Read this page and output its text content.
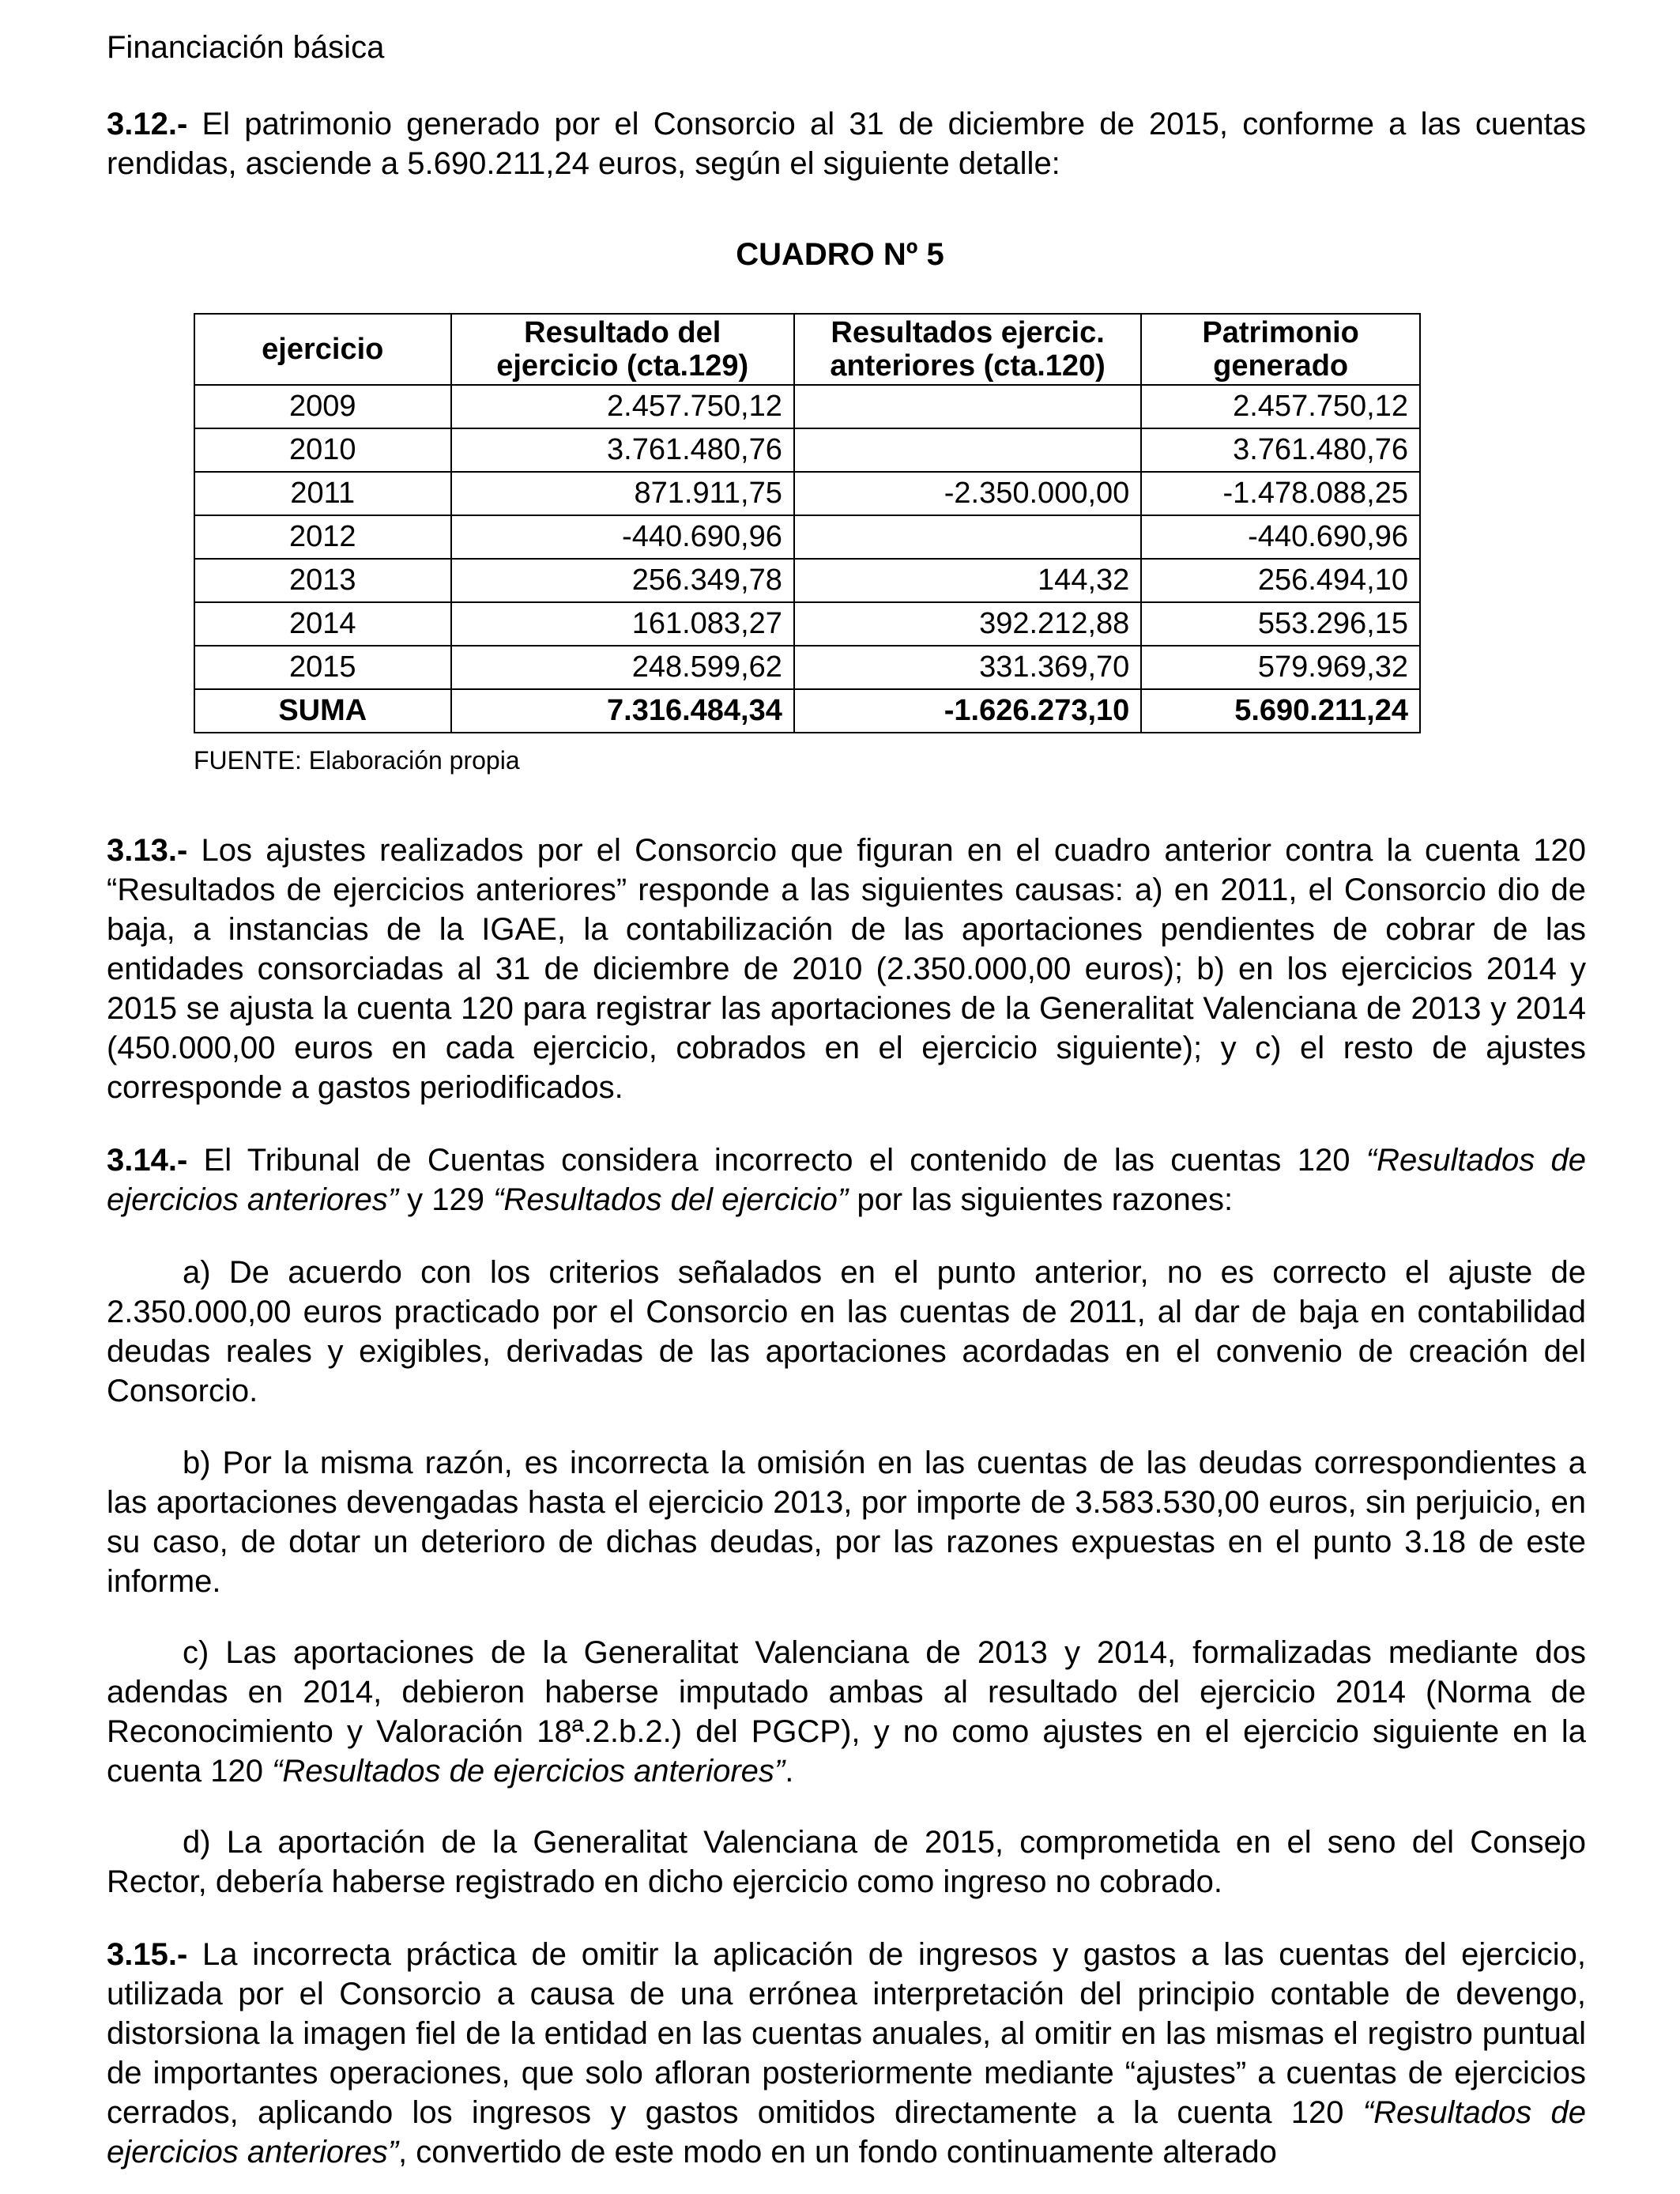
Financiación básica
3.12.- El patrimonio generado por el Consorcio al 31 de diciembre de 2015, conforme a las cuentas rendidas, asciende a 5.690.211,24 euros, según el siguiente detalle:
CUADRO Nº 5
ejercicio	Resultado del ejercicio (cta.129)	Resultados ejercic. anteriores (cta.120)	Patrimonio generado
2009	2.457.750,12		2.457.750,12
2010	3.761.480,76		3.761.480,76
2011	871.911,75	-2.350.000,00	-1.478.088,25
2012	-440.690,96		-440.690,96
2013	256.349,78	144,32	256.494,10
2014	161.083,27	392.212,88	553.296,15
2015	248.599,62	331.369,70	579.969,32
SUMA	7.316.484,34	-1.626.273,10	5.690.211,24
FUENTE: Elaboración propia
3.13.- Los ajustes realizados por el Consorcio que figuran en el cuadro anterior contra la cuenta 120 “Resultados de ejercicios anteriores” responde a las siguientes causas: a) en 2011, el Consorcio dio de baja, a instancias de la IGAE, la contabilización de las aportaciones pendientes de cobrar de las entidades consorciadas al 31 de diciembre de 2010 (2.350.000,00 euros); b) en los ejercicios 2014 y 2015 se ajusta la cuenta 120 para registrar las aportaciones de la Generalitat Valenciana de 2013 y 2014 (450.000,00 euros en cada ejercicio, cobrados en el ejercicio siguiente); y c) el resto de ajustes corresponde a gastos periodificados.
3.14.- El Tribunal de Cuentas considera incorrecto el contenido de las cuentas 120 “Resultados de ejercicios anteriores” y 129 “Resultados del ejercicio” por las siguientes razones:
a) De acuerdo con los criterios señalados en el punto anterior, no es correcto el ajuste de 2.350.000,00 euros practicado por el Consorcio en las cuentas de 2011, al dar de baja en contabilidad deudas reales y exigibles, derivadas de las aportaciones acordadas en el convenio de creación del Consorcio.
b) Por la misma razón, es incorrecta la omisión en las cuentas de las deudas correspondientes a las aportaciones devengadas hasta el ejercicio 2013, por importe de 3.583.530,00 euros, sin perjuicio, en su caso, de dotar un deterioro de dichas deudas, por las razones expuestas en el punto 3.18 de este informe.
c) Las aportaciones de la Generalitat Valenciana de 2013 y 2014, formalizadas mediante dos adendas en 2014, debieron haberse imputado ambas al resultado del ejercicio 2014 (Norma de Reconocimiento y Valoración 18ª.2.b.2.) del PGCP), y no como ajustes en el ejercicio siguiente en la cuenta 120 “Resultados de ejercicios anteriores”.
d) La aportación de la Generalitat Valenciana de 2015, comprometida en el seno del Consejo Rector, debería haberse registrado en dicho ejercicio como ingreso no cobrado.
3.15.- La incorrecta práctica de omitir la aplicación de ingresos y gastos a las cuentas del ejercicio, utilizada por el Consorcio a causa de una errónea interpretación del principio contable de devengo, distorsiona la imagen fiel de la entidad en las cuentas anuales, al omitir en las mismas el registro puntual de importantes operaciones, que solo afloran posteriormente mediante “ajustes” a cuentas de ejercicios cerrados, aplicando los ingresos y gastos omitidos directamente a la cuenta 120 “Resultados de ejercicios anteriores”, convertido de este modo en un fondo continuamente alterado
